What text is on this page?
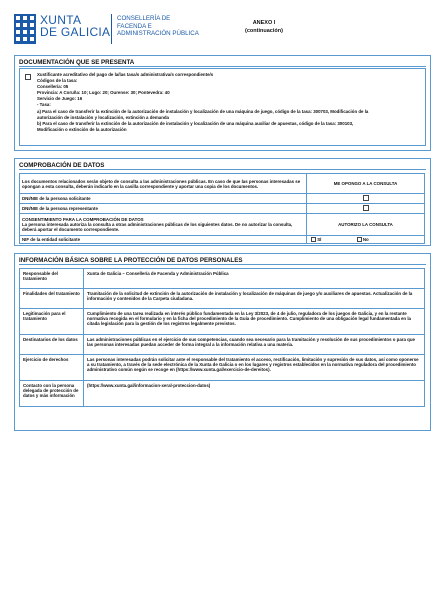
XUNTA
DE GALICIA
CONSELLERÍA DE
FACENDA E
ADMINISTRACIÓN PÚBLICA
ANEXO I
(continuación)
DOCUMENTACIÓN QUE SE PRESENTA
Xustificante acreditativo del pago de la/las tasa/s administrativa/s correspondiente/s
Códigos de la tasa:
Consellería: 05
Provincia: A Coruña: 10; Lugo: 20; Ourense: 30; Pontevedra: 40
Servicio de Juego: 16
- Tasa:
a) Para el caso de transferir la extinción de la autorización de instalación y localización de una máquina de juego, código de la tasa: 300703, Modificación de la
autorización de instalación y localización, extinción a demanda
b) Para el caso de transferir la extinción de la autorización de instalación y localización de una máquina auxiliar de apuestas, código de la tasa: 300103,
Modificación o extinción de la autorización
COMPROBACIÓN DE DATOS
Los documentos relacionados serán objeto de consulta a las administraciones públicas. En caso de que las personas interesadas se opongan a esta consulta, deberán indicarlo en la casilla correspondiente y aportar una copia de los documentos.	ME OPONGO A LA CONSULTA
DNI/NIE de la persona solicitante	
DNI/NIE de la persona representante	

CONSENTIMIENTO PARA LA COMPROBACIÓN DE DATOS
La persona interesada autoriza la consulta a otras administraciones públicas de los siguientes datos. De no autorizar la consulta, deberá aportar el documento correspondiente.	AUTORIZO LA CONSULTA
NIF de la entidad solicitante	SÍ No
INFORMACIÓN BÁSICA SOBRE LA PROTECCIÓN DE DATOS PERSONALES
Responsable del tratamiento	Xunta de Galicia – Consellería de Facenda y Administración Pública
Finalidades del tratamiento	Tramitación de la solicitud de extinción de la autorización de instalación y localización de máquinas de juego y/o auxiliares de apuestas. Actualización de la información y contenidos de la Carpeta ciudadana.
Legitimación para el tratamiento	Cumplimiento de una tarea realizada en interés público fundamentada en la Ley 3/2023, de 4 de julio, reguladora de los juegos de Galicia, y en la restante normativa recogida en el formulario y en la ficha del procedimiento de la Guía de procedimiento. Cumplimiento de una obligación legal fundamentada en la citada legislación para la gestión de los registros legalmente previstos.
Destinatarios de los datos	Las administraciones públicas en el ejercicio de sus competencias, cuando sea necesario para la tramitación y resolución de sus procedimientos o para que las personas interesadas puedan acceder de forma integral a la información relativa a una materia.
Ejercicio de derechos	Las personas interesadas podrán solicitar ante el responsable del tratamiento el acceso, rectificación, limitación y supresión de sus datos, así como oponerse a su tratamiento, a través de la sede electrónica de la Xunta de Galicia o en los lugares y registros establecidos en la normativa reguladora del procedimiento administrativo común según se recoge en (https://www.xunta.gal/exercicio-de-dereitos).
Contacto con la persona delegada de protección de datos y más información	(https://www.xunta.gal/informacion-xeral-proteccion-datos)
